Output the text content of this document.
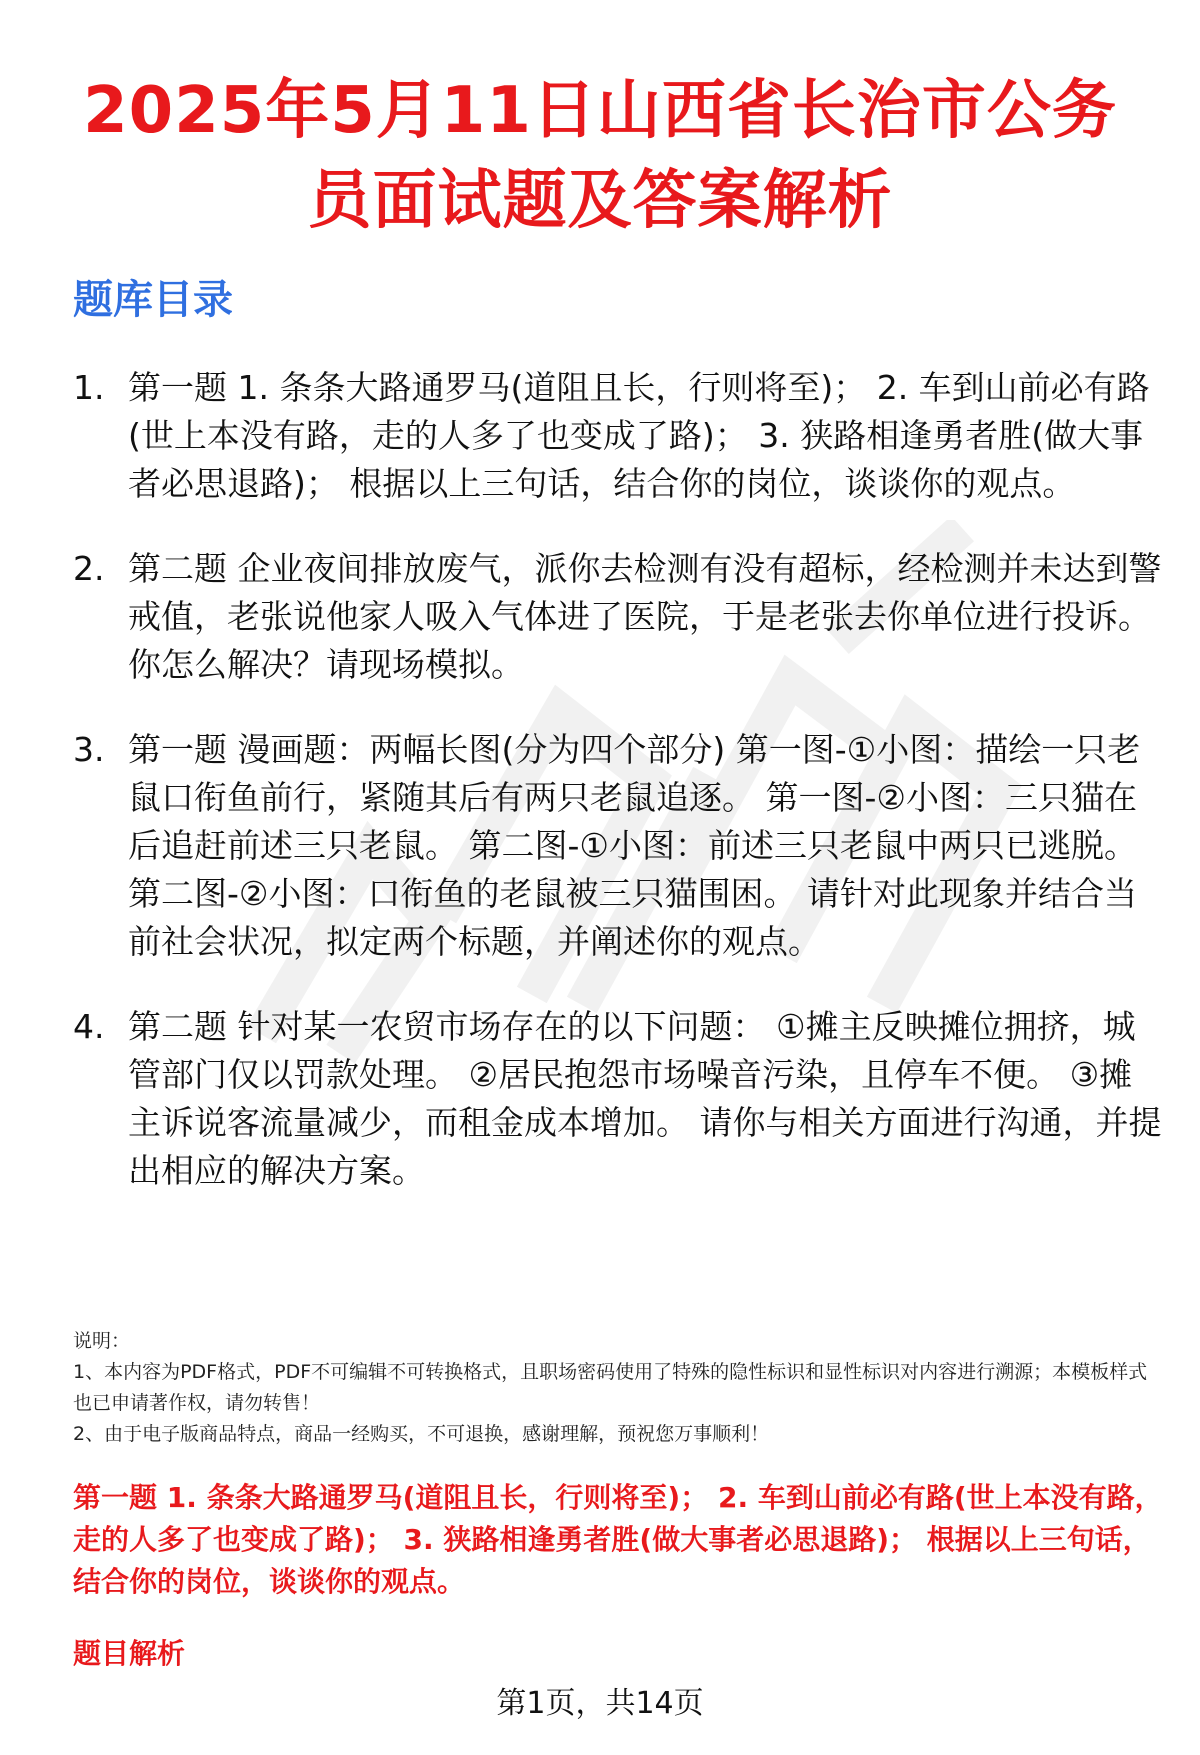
2025年5月11日山西省长治市公务
员面试题及答案解析
题库目录
1. 第一题 1. 条条大路通罗马(道阻且长，行则将至)； 2. 车到山前必有路(世上本没有路，走的人多了也变成了路)； 3. 狭路相逢勇者胜(做大事者必思退路)； 根据以上三句话，结合你的岗位，谈谈你的观点。
2. 第二题 企业夜间排放废气，派你去检测有没有超标，经检测并未达到警戒值，老张说他家人吸入气体进了医院，于是老张去你单位进行投诉。你怎么解决？请现场模拟。
3. 第一题 漫画题：两幅长图(分为四个部分) 第一图-①小图：描绘一只老鼠口衔鱼前行，紧随其后有两只老鼠追逐。 第一图-②小图：三只猫在后追赶前述三只老鼠。 第二图-①小图：前述三只老鼠中两只已逃脱。 第二图-②小图：口衔鱼的老鼠被三只猫围困。 请针对此现象并结合当前社会状况，拟定两个标题，并阐述你的观点。
4. 第二题 针对某一农贸市场存在的以下问题： ①摊主反映摊位拥挤，城管部门仅以罚款处理。 ②居民抱怨市场噪音污染，且停车不便。 ③摊主诉说客流量减少，而租金成本增加。 请你与相关方面进行沟通，并提出相应的解决方案。
说明：
1、本内容为PDF格式，PDF不可编辑不可转换格式，且职场密码使用了特殊的隐性标识和显性标识对内容进行溯源；本模板样式也已申请著作权，请勿转售！
2、由于电子版商品特点，商品一经购买，不可退换，感谢理解，预祝您万事顺利！
第一题 1. 条条大路通罗马(道阻且长，行则将至)； 2. 车到山前必有路(世上本没有路，走的人多了也变成了路)； 3. 狭路相逢勇者胜(做大事者必思退路)； 根据以上三句话，结合你的岗位，谈谈你的观点。
题目解析
第1页，共14页
